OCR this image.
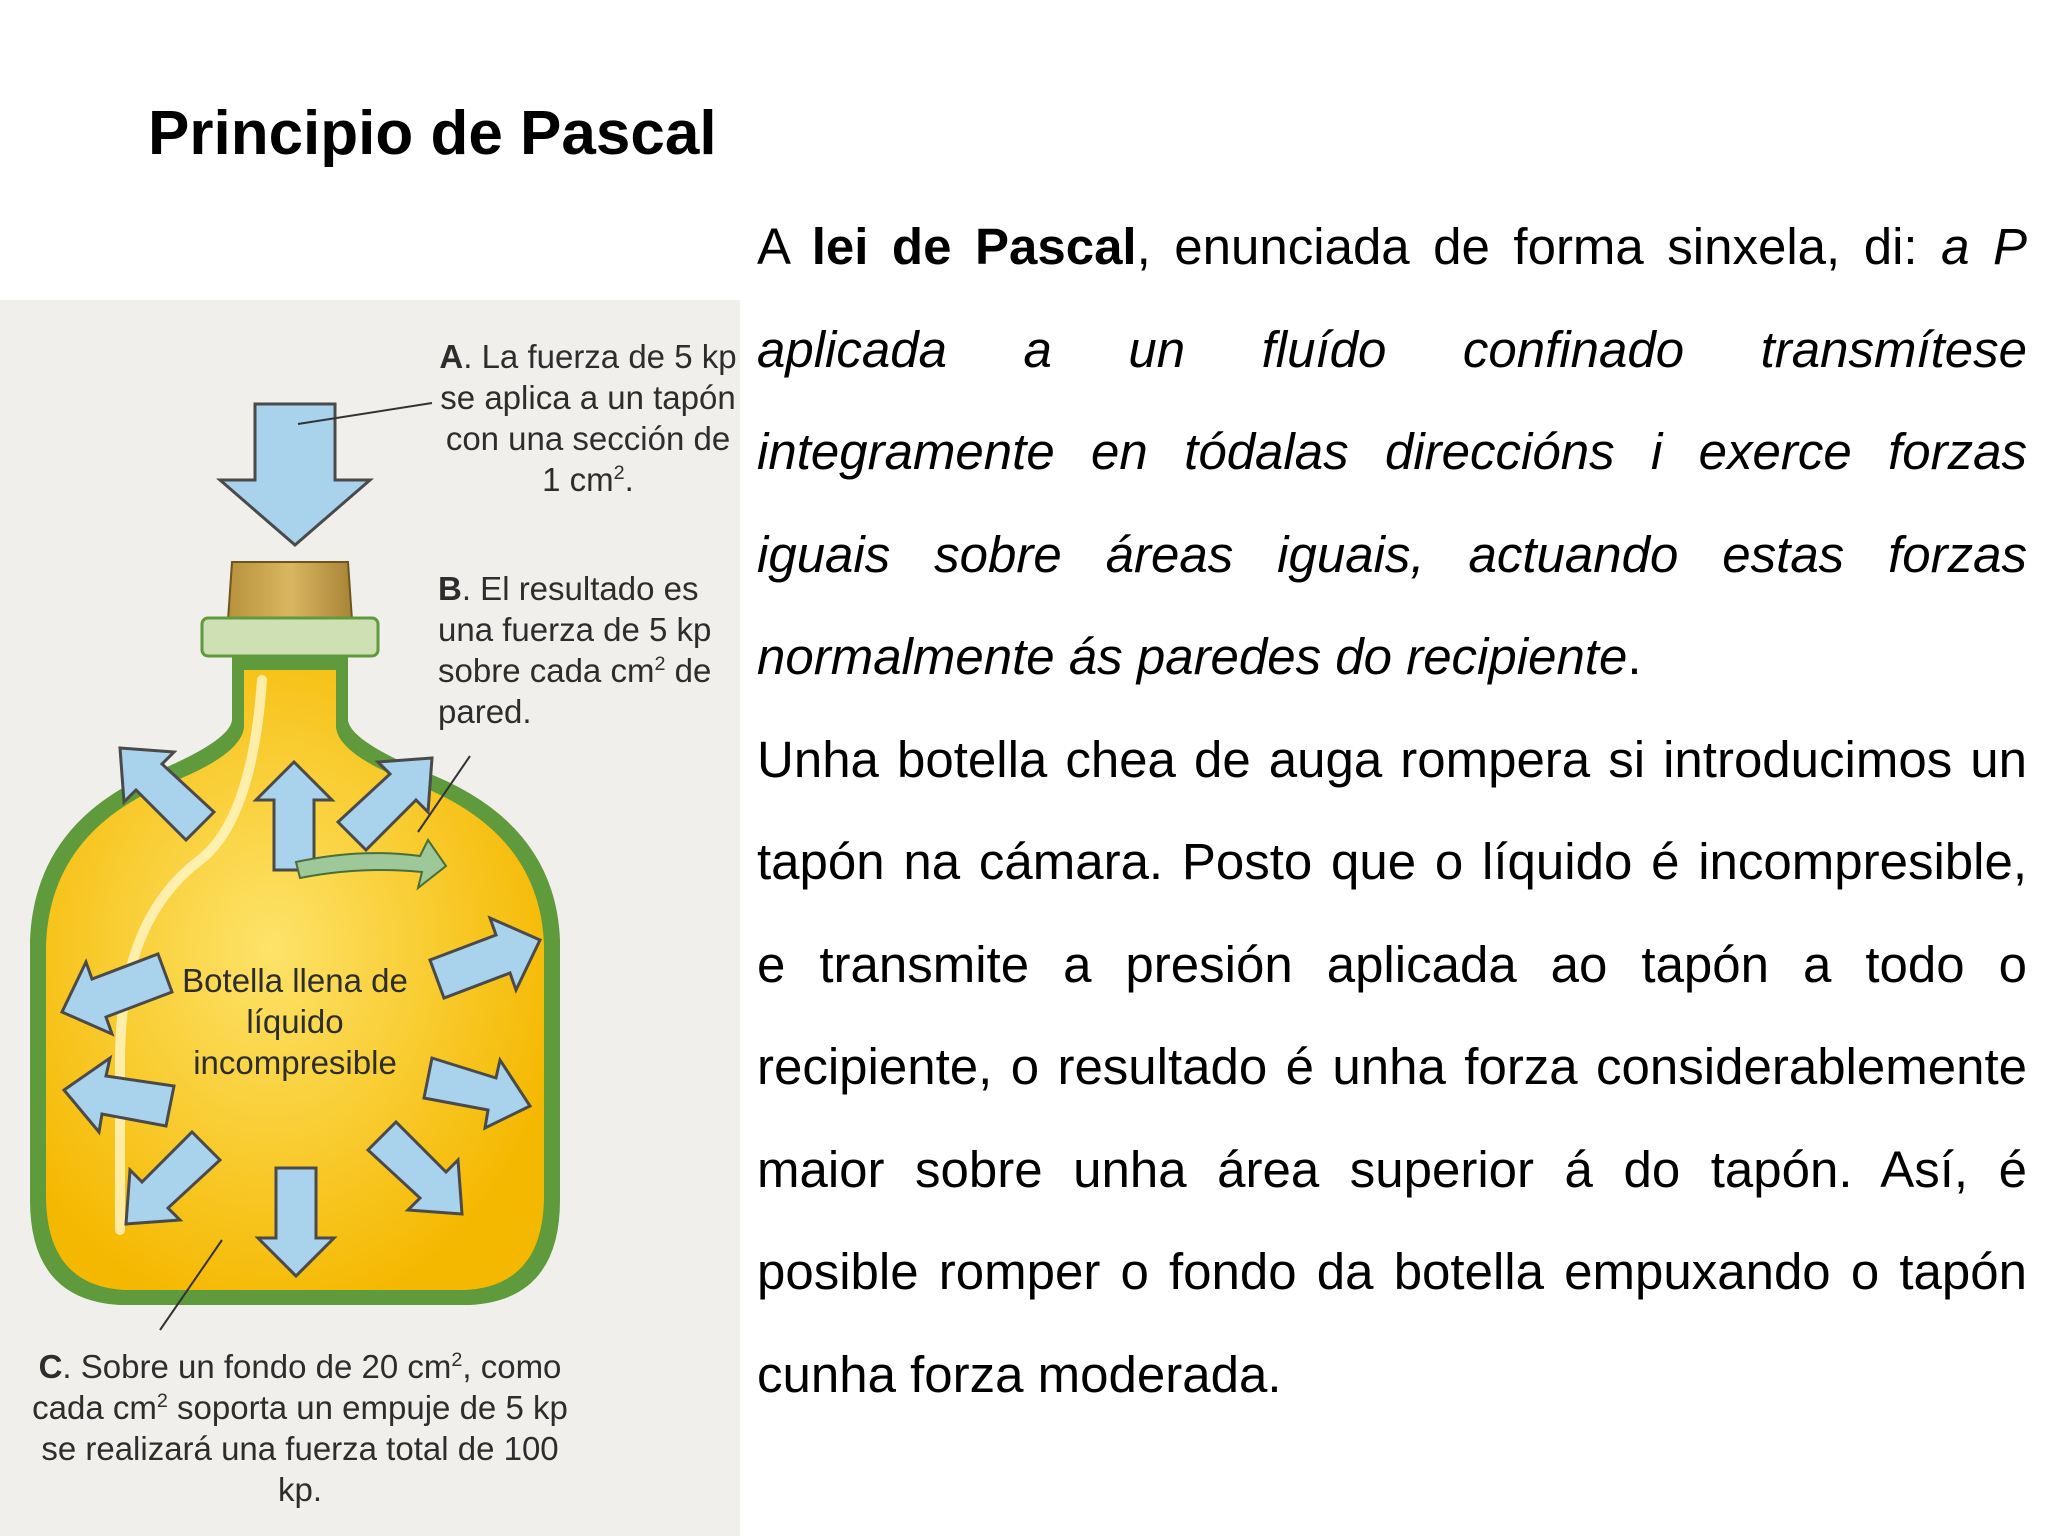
Principio de Pascal

A lei de Pascal, enunciada de forma sinxela, di: a P aplicada a un fluído confinado transmítese integramente en tódalas direccións i exerce forzas iguais sobre áreas iguais, actuando estas forzas normalmente ás paredes do recipiente.

Unha botella chea de auga rompera si introducimos un tapón na cámara. Posto que o líquido é incompresible, e transmite a presión aplicada ao tapón a todo o recipiente, o resultado é unha forza considerablemente maior sobre unha área superior á do tapón. Así, é posible romper o fondo da botella empuxando o tapón cunha forza moderada.

A. La fuerza de 5 kp se aplica a un tapón con una sección de 1 $cm^2$.
B. El resultado es una fuerza de 5 kp sobre cada $cm^2$ de pared.
Botella llena de líquido incompresible
C. Sobre un fondo de 20 $cm^2$, como cada $cm^2$ soporta un empuje de 5 kp se realizará una fuerza total de 100 kp.
